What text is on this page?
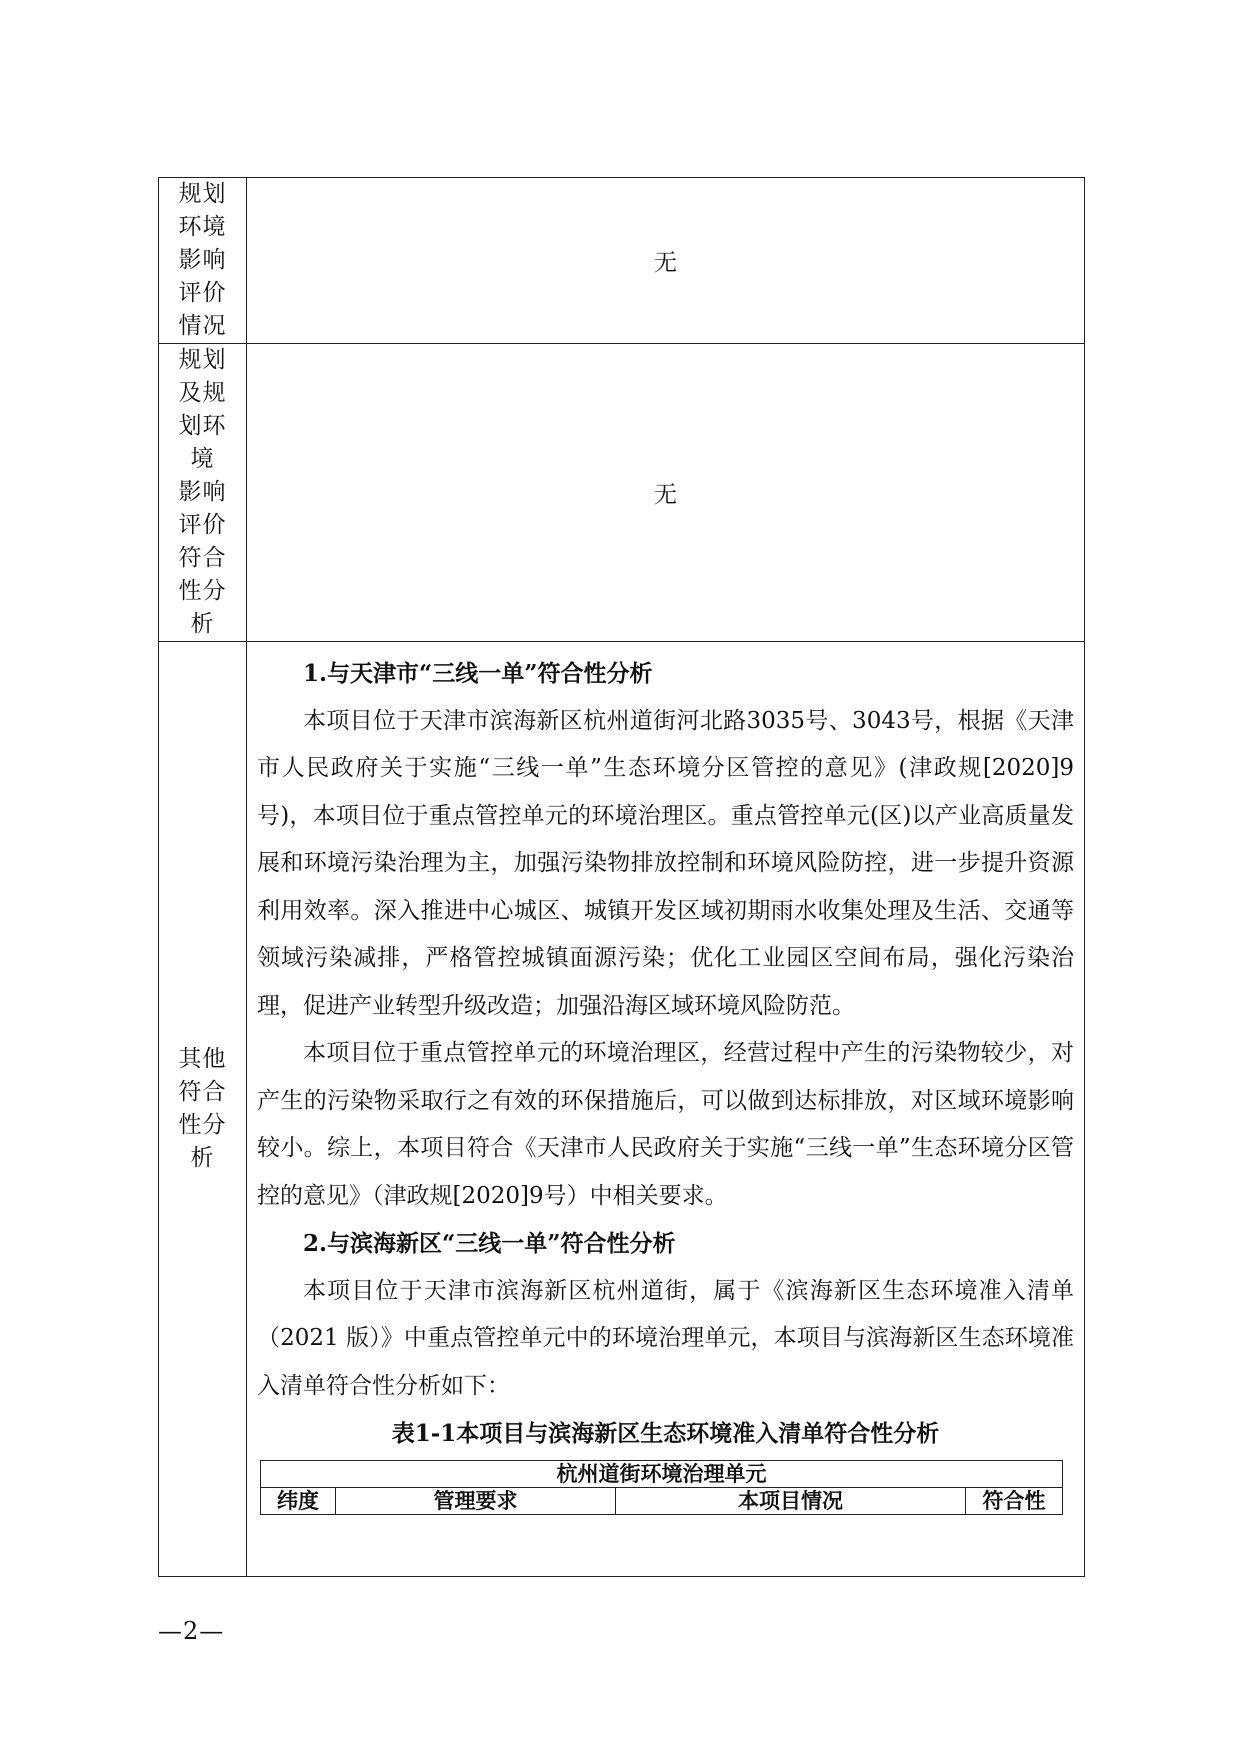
规划
环境
影响
评价
情况
	无

规划
及规
划环
境
影响
评价
符合
性分
析
	无

其他
符合
性分
析

1.与天津市“三线一单”符合性分析

本项目位于天津市滨海新区杭州道街河北路3035号、3043号，根据《天津市人民政府关于实施“三线一单”生态环境分区管控的意见》(津政规[2020]9号)，本项目位于重点管控单元的环境治理区。重点管控单元(区)以产业高质量发展和环境污染治理为主，加强污染物排放控制和环境风险防控，进一步提升资源利用效率。深入推进中心城区、城镇开发区域初期雨水收集处理及生活、交通等领域污染减排，严格管控城镇面源污染；优化工业园区空间布局，强化污染治理，促进产业转型升级改造；加强沿海区域环境风险防范。

本项目位于重点管控单元的环境治理区，经营过程中产生的污染物较少，对产生的污染物采取行之有效的环保措施后，可以做到达标排放，对区域环境影响较小。综上，本项目符合《天津市人民政府关于实施“三线一单”生态环境分区管控的意见》（津政规[2020]9号）中相关要求。

2.与滨海新区“三线一单”符合性分析

本项目位于天津市滨海新区杭州道街，属于《滨海新区生态环境准入清单（2021 版）》中重点管控单元中的环境治理单元，本项目与滨海新区生态环境准入清单符合性分析如下：

表1-1本项目与滨海新区生态环境准入清单符合性分析
杭州道街环境治理单元
纬度	管理要求	本项目情况	符合性
—2—
